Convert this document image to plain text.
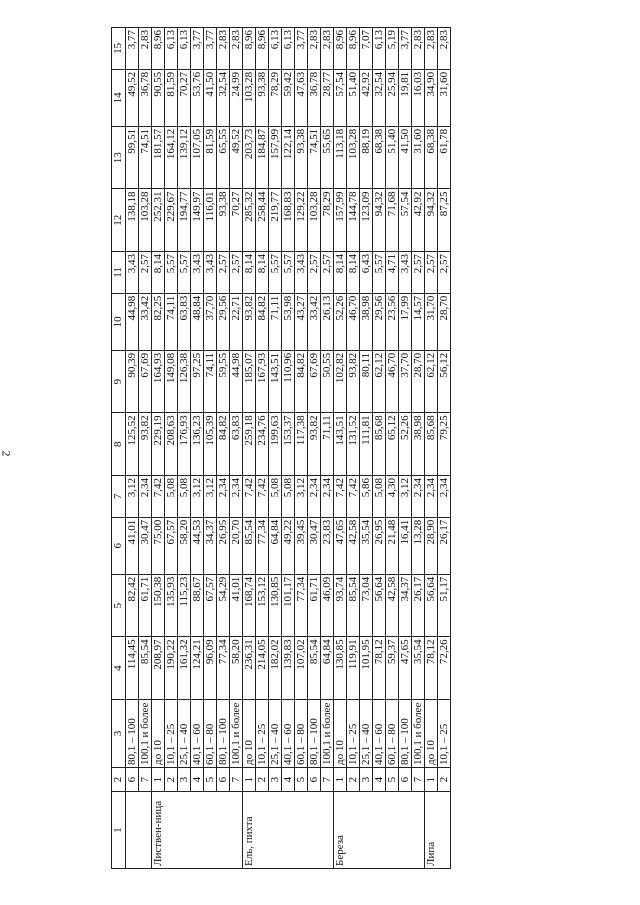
2
1	2	3	4	5	6	7	8	9	10	11	12	13	14	15
	6	80,1 – 100	114,45	82,42	41,01	3,12	125,52	90,39	44,98	3,43	138,18	99,51	49,52	3,77
	7	100,1 и более	85,54	61,71	30,47	2,34	93,82	67,69	33,42	2,57	103,28	74,51	36,78	2,83
Листвен-ница	1	до 10	208,97	150,38	75,00	7,42	229,19	164,93	82,25	8,14	252,31	181,57	90,55	8,96
	2	10,1 – 25	190,22	135,93	67,57	5,08	208,63	149,08	74,11	5,57	229,67	164,12	81,59	6,13
	3	25,1 – 40	161,32	115,23	58,20	5,08	176,93	126,38	63,83	5,57	194,77	139,12	70,27	6,13
	4	40,1 – 60	124,21	88,67	44,53	3,12	136,23	97,25	48,84	3,43	149,97	107,05	53,76	3,77
	5	60,1 – 80	96,09	67,57	34,37	3,12	105,39	74,11	37,70	3,43	116,01	81,59	41,50	3,77
	6	80,1 – 100	77,34	54,29	26,95	2,34	84,82	59,55	29,56	2,57	93,38	65,55	32,54	2,83
	7	100,1 и более	58,20	41,01	20,70	2,34	63,83	44,98	22,71	2,57	70,27	49,52	24,99	2,83
Ель, пихта	1	до 10	236,31	168,74	85,54	7,42	259,18	185,07	93,82	8,14	285,32	203,73	103,28	8,96
	2	10,1 – 25	214,05	153,12	77,34	7,42	234,76	167,93	84,82	8,14	258,44	184,87	93,38	8,96
	3	25,1 – 40	182,02	130,85	64,84	5,08	199,63	143,51	71,11	5,57	219,77	157,99	78,29	6,13
	4	40,1 – 60	139,83	101,17	49,22	5,08	153,37	110,96	53,98	5,57	168,83	122,14	59,42	6,13
	5	60,1 – 80	107,02	77,34	39,45	3,12	117,38	84,82	43,27	3,43	129,22	93,38	47,63	3,77
	6	80,1 – 100	85,54	61,71	30,47	2,34	93,82	67,69	33,42	2,57	103,28	74,51	36,78	2,83
	7	100,1 и более	64,84	46,09	23,83	2,34	71,11	50,55	26,13	2,57	78,29	55,65	28,77	2,83
Береза	1	до 10	130,85	93,74	47,65	7,42	143,51	102,82	52,26	8,14	157,99	113,18	57,54	8,96
	2	10,1 – 25	119,91	85,54	42,58	7,42	131,52	93,82	46,70	8,14	144,78	103,28	51,40	8,96
	3	25,1 – 40	101,95	73,04	35,54	5,86	111,81	80,11	38,98	6,43	123,09	88,19	42,92	7,07
	4	40,1 – 60	78,12	56,64	26,95	5,08	85,68	62,12	29,56	5,57	94,32	68,38	32,54	6,13
	5	60,1 – 80	59,37	42,58	21,48	4,30	65,12	46,70	23,56	4,71	71,68	51,40	25,94	5,19
	6	80,1 – 100	47,65	34,37	16,41	3,12	52,26	37,70	17,99	3,43	57,54	41,50	19,81	3,77
	7	100,1 и более	35,54	26,17	13,28	2,34	38,98	28,70	14,57	2,57	42,92	31,60	16,03	2,83
Липа	1	до 10	78,12	56,64	28,90	2,34	85,68	62,12	31,70	2,57	94,32	68,38	34,90	2,83
	2	10,1 – 25	72,26	51,17	26,17	2,34	79,25	56,12	28,70	2,57	87,25	61,78	31,60	2,83
